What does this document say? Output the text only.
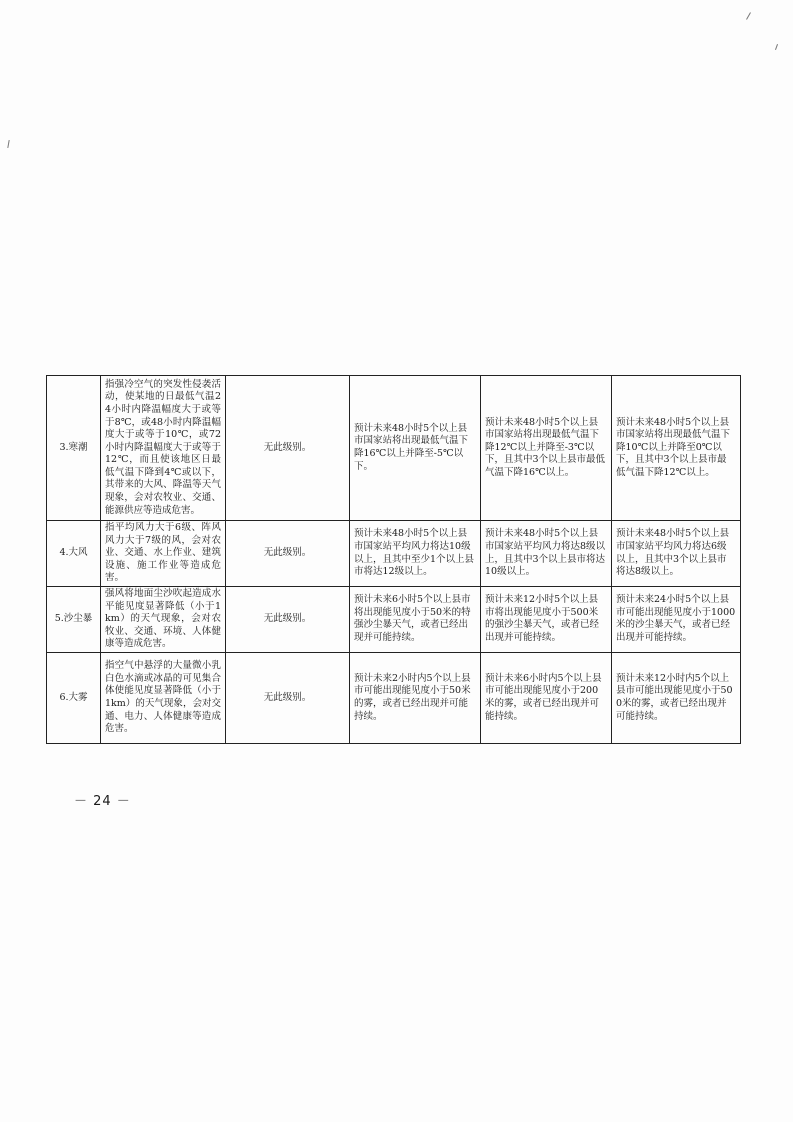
3.寒潮	指强冷空气的突发性侵袭活动，使某地的日最低气温24小时内降温幅度大于或等于8℃，或48小时内降温幅度大于或等于10℃，或72小时内降温幅度大于或等于12℃，而且使该地区日最低气温下降到4℃或以下，其带来的大风、降温等天气现象，会对农牧业、交通、能源供应等造成危害。	无此级别。	预计未来48小时5个以上县市国家站将出现最低气温下降16℃以上并降至-5℃以下。	预计未来48小时5个以上县市国家站将出现最低气温下降12℃以上并降至-3℃以下，且其中3个以上县市最低气温下降16℃以上。	预计未来48小时5个以上县市国家站将出现最低气温下降10℃以上并降至0℃以下，且其中3个以上县市最低气温下降12℃以上。
4.大风	指平均风力大于6级、阵风风力大于7级的风，会对农业、交通、水上作业、建筑设施、施工作业等造成危害。	无此级别。	预计未来48小时5个以上县市国家站平均风力将达10级以上，且其中至少1个以上县市将达12级以上。	预计未来48小时5个以上县市国家站平均风力将达8级以上，且其中3个以上县市将达10级以上。	预计未来48小时5个以上县市国家站平均风力将达6级以上，且其中3个以上县市将达8级以上。
5.沙尘暴	强风将地面尘沙吹起造成水平能见度显著降低（小于1km）的天气现象，会对农牧业、交通、环境、人体健康等造成危害。	无此级别。	预计未来6小时5个以上县市将出现能见度小于50米的特强沙尘暴天气，或者已经出现并可能持续。	预计未来12小时5个以上县市将出现能见度小于500米的强沙尘暴天气，或者已经出现并可能持续。	预计未来24小时5个以上县市可能出现能见度小于1000米的沙尘暴天气，或者已经出现并可能持续。
6.大雾	指空气中悬浮的大量微小乳白色水滴或冰晶的可见集合体使能见度显著降低（小于1km）的天气现象，会对交通、电力、人体健康等造成危害。	无此级别。	预计未来2小时内5个以上县市可能出现能见度小于50米的雾，或者已经出现并可能持续。	预计未来6小时内5个以上县市可能出现能见度小于200米的雾，或者已经出现并可能持续。	预计未来12小时内5个以上县市可能出现能见度小于500米的雾，或者已经出现并可能持续。
－ 24 －
